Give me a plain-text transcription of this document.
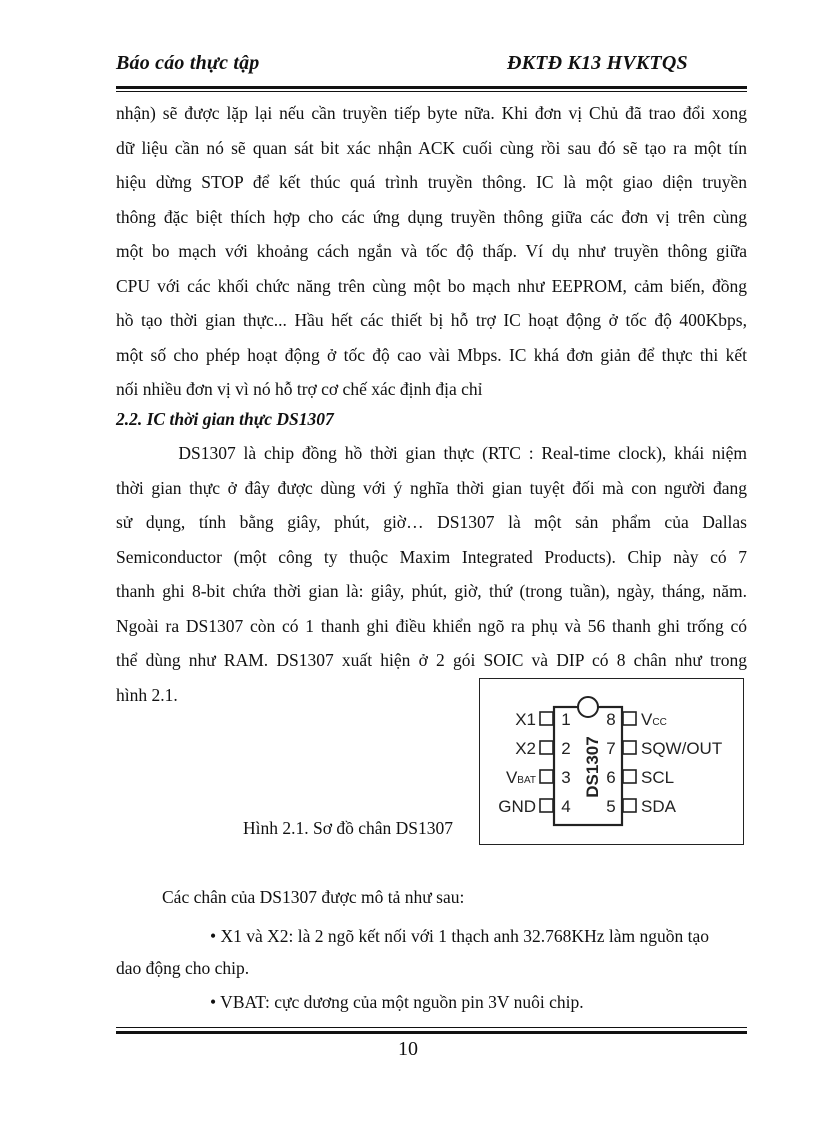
Báo cáo thực tập	ĐKTĐ K13 HVKTQS
nhận) sẽ được lặp lại nếu cần truyền tiếp byte nữa. Khi đơn vị Chủ đã trao đổi xong
dữ liệu cần nó sẽ quan sát bit xác nhận ACK cuối cùng rồi sau đó sẽ tạo ra một tín
hiệu dừng STOP để kết thúc quá trình truyền thông. IC là một giao diện truyền
thông đặc biệt thích hợp cho các ứng dụng truyền thông giữa các đơn vị trên cùng
một bo mạch với khoảng cách ngắn và tốc độ thấp. Ví dụ như truyền thông giữa
CPU với các khối chức năng trên cùng một bo mạch như EEPROM, cảm biến, đồng
hồ tạo thời gian thực... Hầu hết các thiết bị hỗ trợ IC hoạt động ở tốc độ 400Kbps,
một số cho phép hoạt động ở tốc độ cao vài Mbps. IC khá đơn giản để thực thi kết
nối nhiều đơn vị vì nó hỗ trợ cơ chế xác định địa chỉ
2.2. IC thời gian thực DS1307
DS1307 là chip đồng hồ thời gian thực (RTC : Real-time clock), khái niệm
thời gian thực ở đây được dùng với ý nghĩa thời gian tuyệt đối mà con người đang
sử dụng, tính bằng giây, phút, giờ… DS1307 là một sản phẩm của Dallas
Semiconductor (một công ty thuộc Maxim Integrated Products). Chip này có 7
thanh ghi 8-bit chứa thời gian là: giây, phút, giờ, thứ (trong tuần), ngày, tháng, năm.
Ngoài ra DS1307 còn có 1 thanh ghi điều khiển ngõ ra phụ và 56 thanh ghi trống có
thể dùng như RAM. DS1307 xuất hiện ở 2 gói SOIC và DIP có 8 chân như trong
hình 2.1.
DS1307
X1
X2
VBAT
GND
1
2
3
4
8
7
6
5
VCC
SQW/OUT
SCL
SDA
Hình 2.1. Sơ đồ chân DS1307
Các chân của DS1307 được mô tả như sau:
• X1 và X2: là 2 ngõ kết nối với 1 thạch anh 32.768KHz làm nguồn tạo
dao động cho chip.
• VBAT: cực dương của một nguồn pin 3V nuôi chip.
10
